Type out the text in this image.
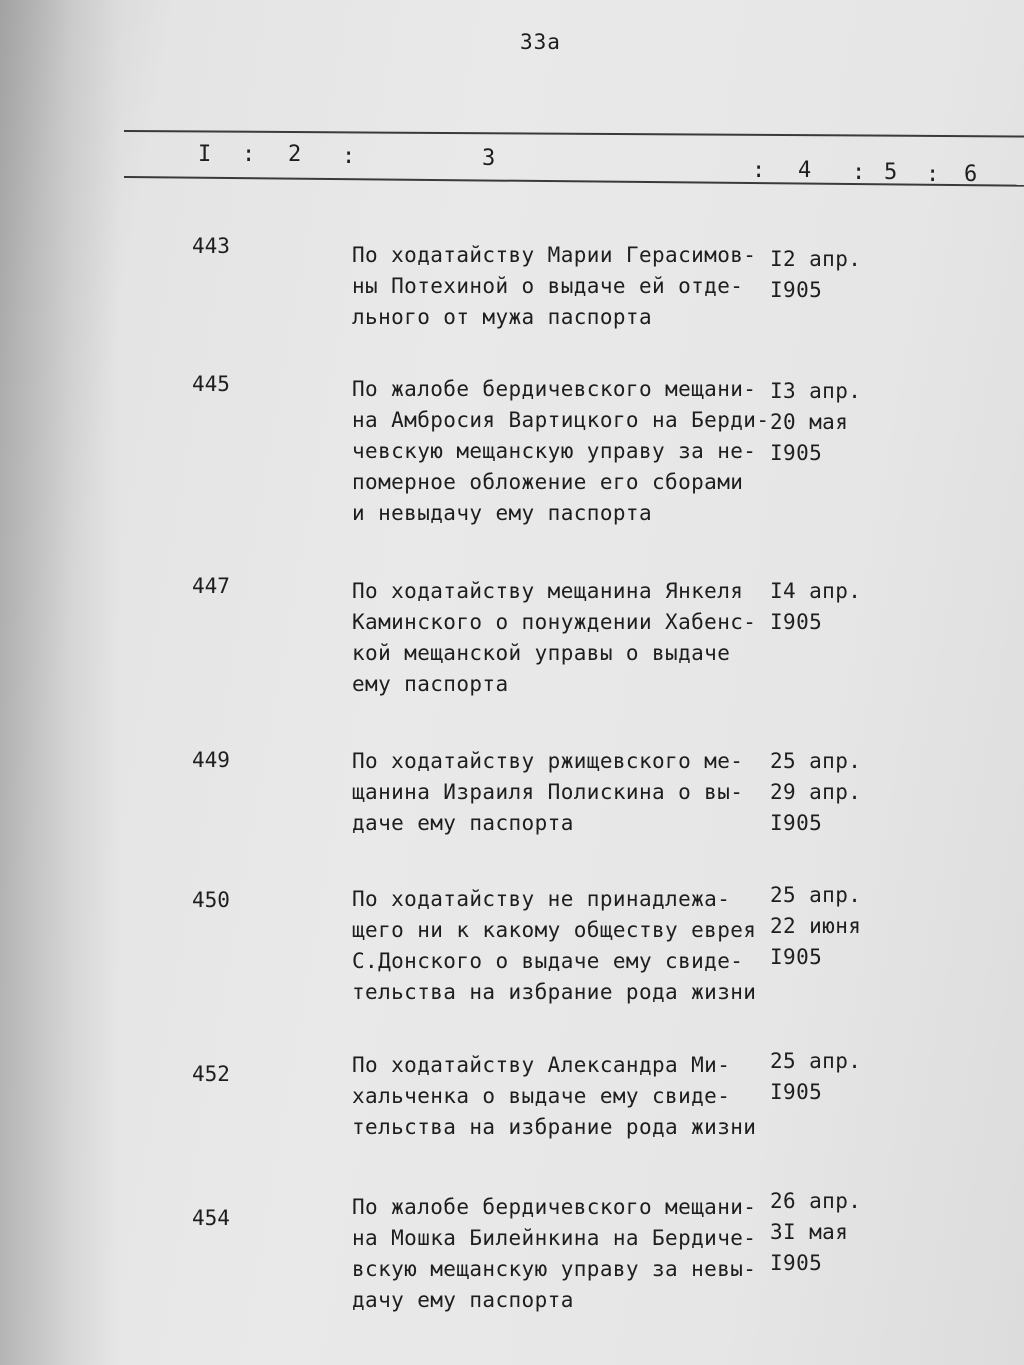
33а
I : 2 :	3	: 4 : 5 : 6
443	По ходатайству Марии Герасимов-
ны Потехиной о выдаче ей отде-
льного от мужа паспорта
I2 апр.
I905
445	По жалобе бердичевского мещани-
на Амбросия Вартицкого на Берди-
чевскую мещанскую управу за не-
померное обложение его сборами
и невыдачу ему паспорта
I3 апр.
20 мая
I905
447	По ходатайству мещанина Янкеля
Каминского о понуждении Хабенс-
кой мещанской управы о выдаче
ему паспорта
I4 апр.
I905
449	По ходатайству ржищевского ме-
щанина Израиля Полискина о вы-
даче ему паспорта
25 апр.
29 апр.
I905
450	По ходатайству не принадлежа-
щего ни к какому обществу еврея
С.Донского о выдаче ему свиде-
тельства на избрание рода жизни
25 апр.
22 июня
I905
452	По ходатайству Александра Ми-
хальченка о выдаче ему свиде-
тельства на избрание рода жизни
25 апр.
I905
454	По жалобе бердичевского мещани-
на Мошка Билейнкина на Бердиче-
вскую мещанскую управу за невы-
дачу ему паспорта
26 апр.
3I мая
I905
